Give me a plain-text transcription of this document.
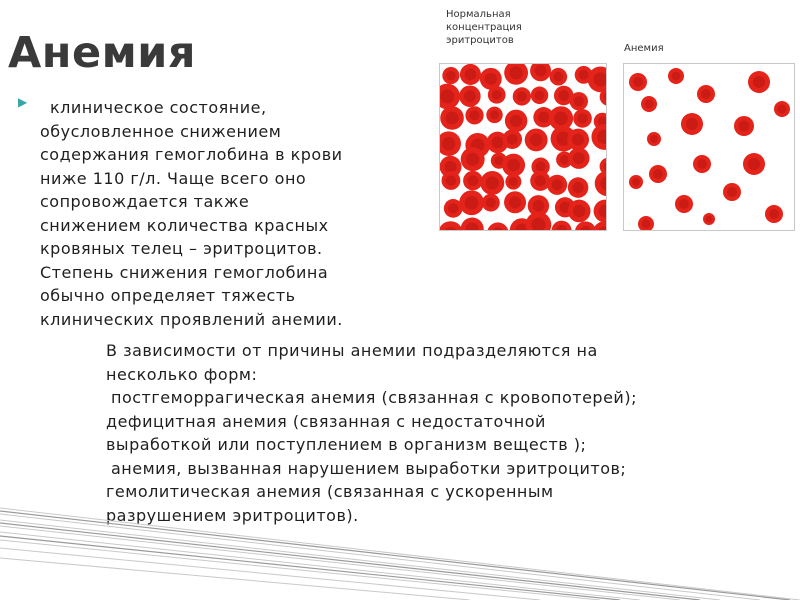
Анемия
▶	клиническое состояние,
обусловленное снижением
содержания гемоглобина в крови
ниже 110 г/л. Чаще всего оно
сопровождается также
снижением количества красных
кровяных телец – эритроцитов.
Степень снижения гемоглобина
обычно определяет тяжесть
клинических проявлений анемии.

В зависимости от причины анемии подразделяются на
несколько форм:
постгеморрагическая анемия (связанная с кровопотерей);
дефицитная анемия (связанная с недостаточной
выработкой или поступлением в организм веществ );
анемия, вызванная нарушением выработки эритроцитов;
гемолитическая анемия (связанная с ускоренным
разрушением эритроцитов).

Нормальная
концентрация
эритроцитов
Анемия
